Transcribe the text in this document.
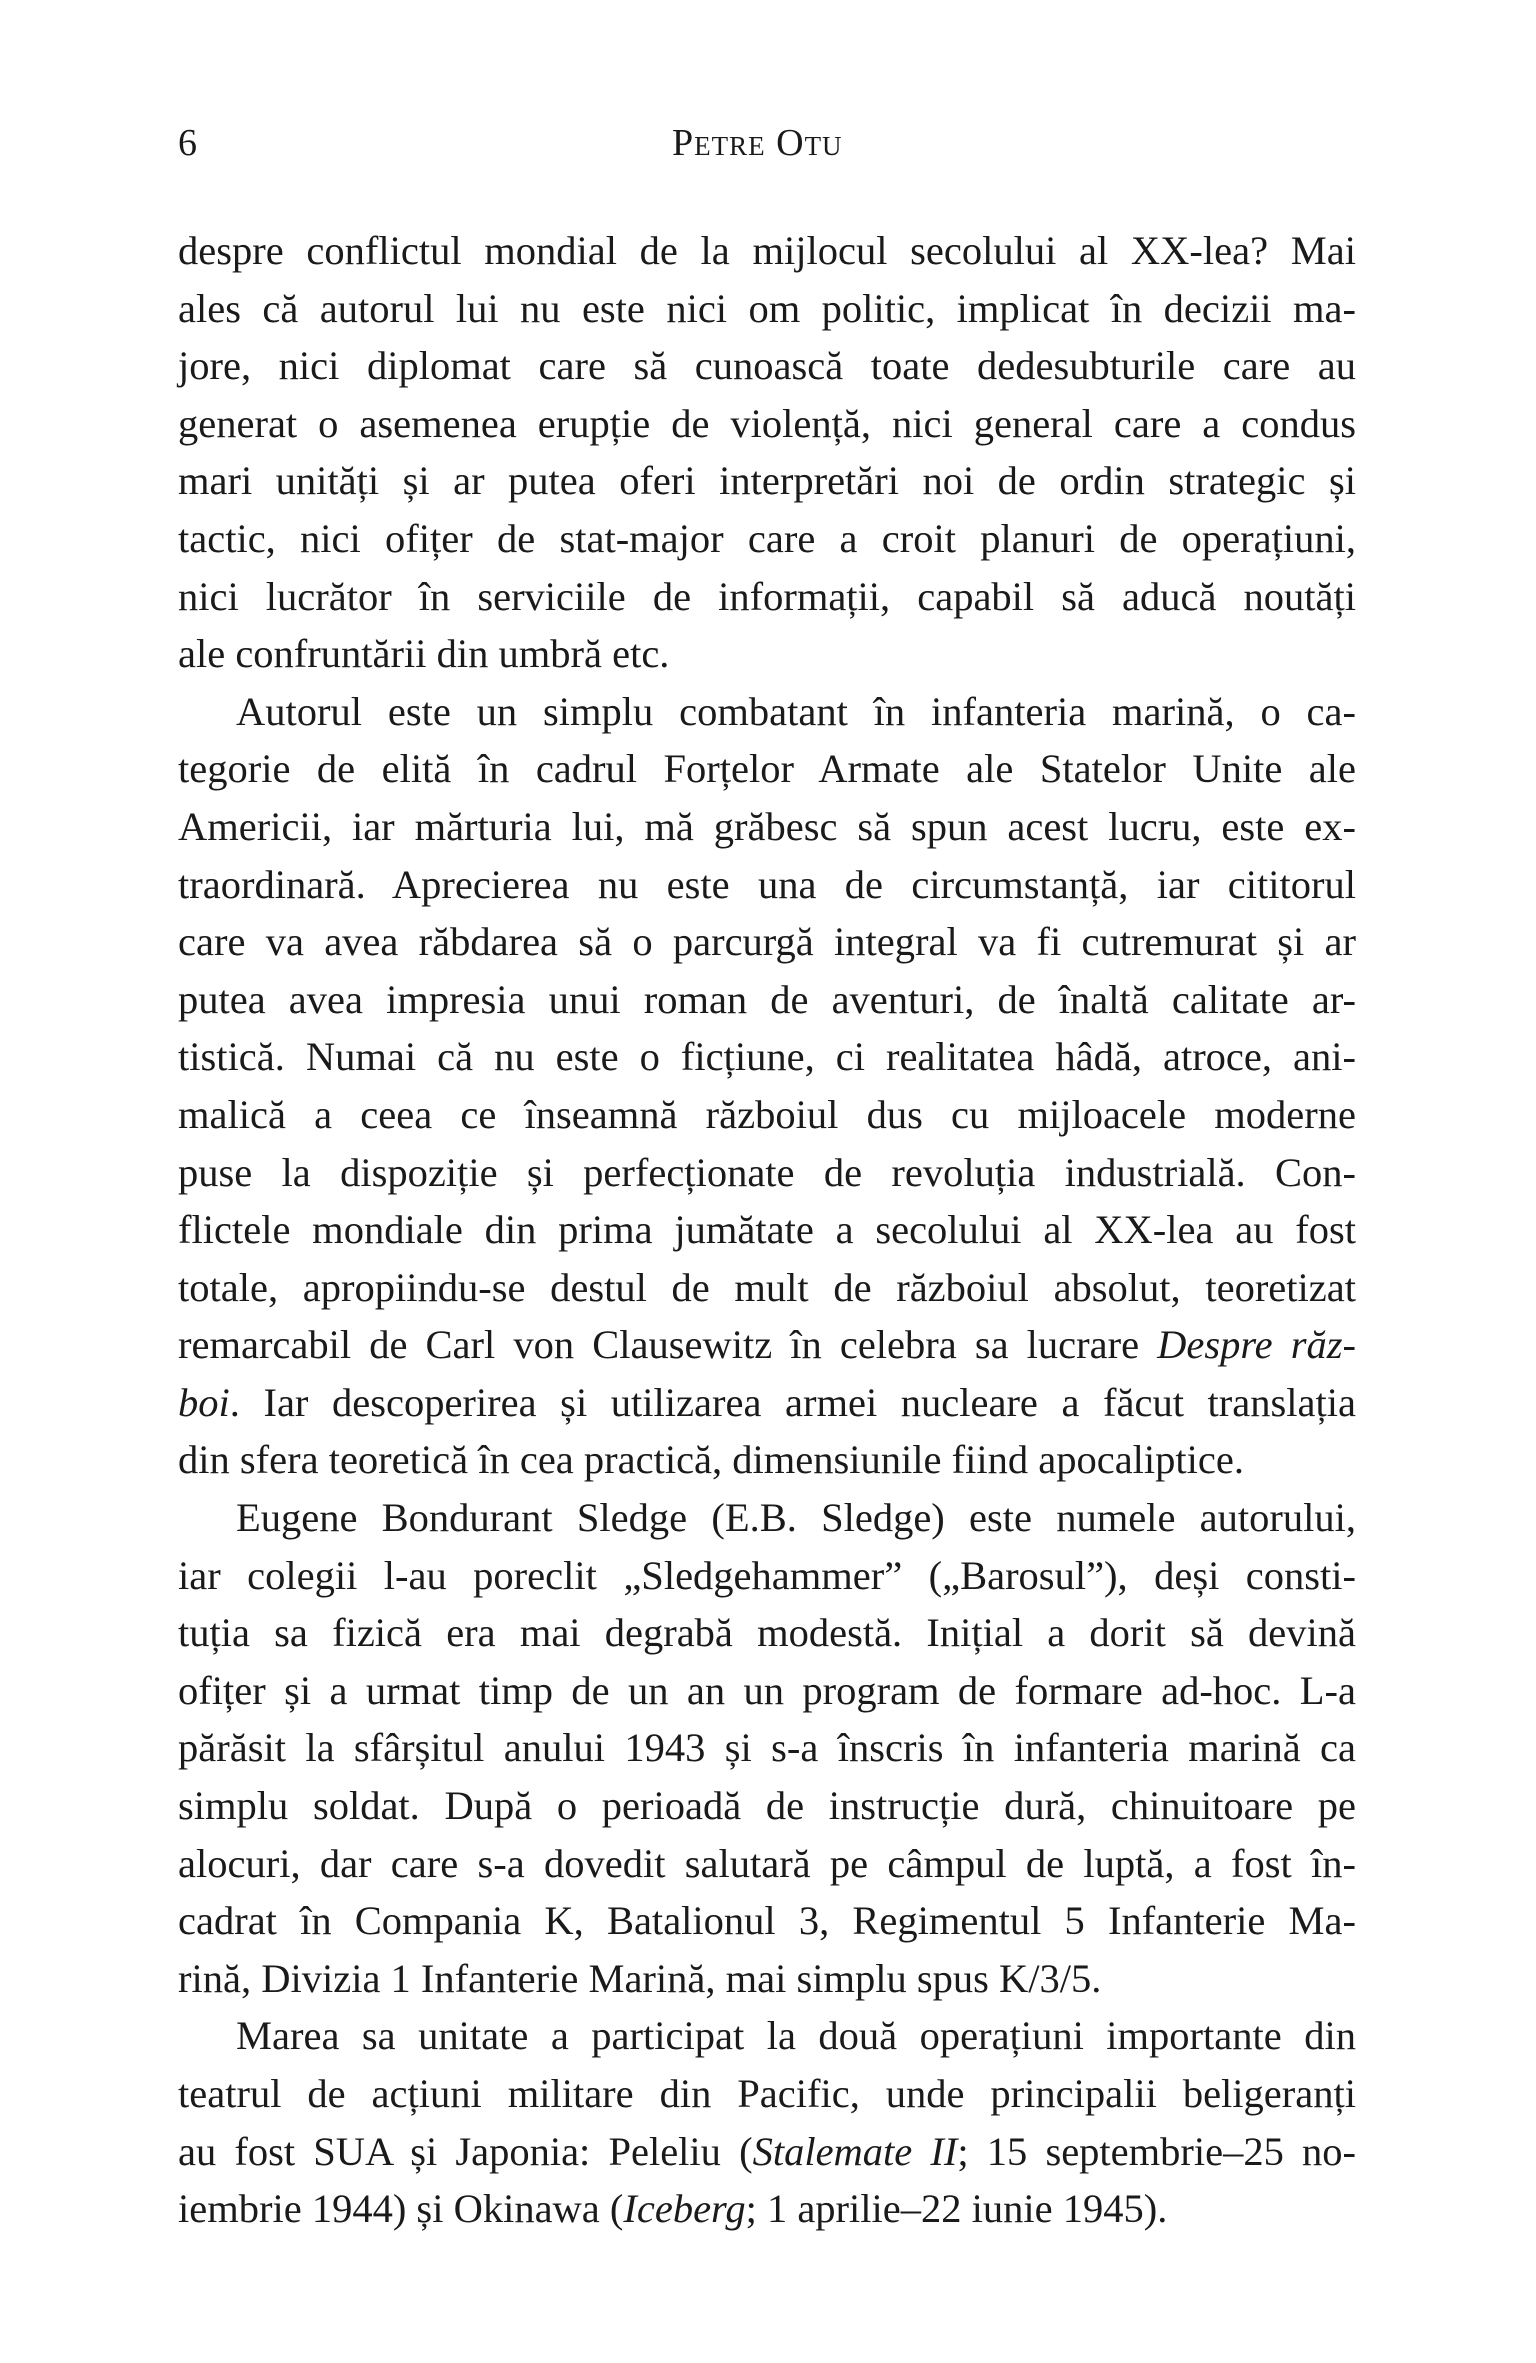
6	Petre Otu
despre conflictul mondial de la mijlocul secolului al XX-lea? Mai
ales că autorul lui nu este nici om politic, implicat în decizii ma-
jore, nici diplomat care să cunoască toate dedesubturile care au
generat o asemenea erupție de violență, nici general care a condus
mari unități și ar putea oferi interpretări noi de ordin strategic și
tactic, nici ofițer de stat-major care a croit planuri de operațiuni,
nici lucrător în serviciile de informații, capabil să aducă noutăți
ale confruntării din umbră etc.
Autorul este un simplu combatant în infanteria marină, o ca-
tegorie de elită în cadrul Forțelor Armate ale Statelor Unite ale
Americii, iar mărturia lui, mă grăbesc să spun acest lucru, este ex-
traordinară. Aprecierea nu este una de circumstanță, iar cititorul
care va avea răbdarea să o parcurgă integral va fi cutremurat și ar
putea avea impresia unui roman de aventuri, de înaltă calitate ar-
tistică. Numai că nu este o ficțiune, ci realitatea hâdă, atroce, ani-
malică a ceea ce înseamnă războiul dus cu mijloacele moderne
puse la dispoziție și perfecționate de revoluția industrială. Con-
flictele mondiale din prima jumătate a secolului al XX-lea au fost
totale, apropiindu-se destul de mult de războiul absolut, teoretizat
remarcabil de Carl von Clausewitz în celebra sa lucrare Despre răz-
boi. Iar descoperirea și utilizarea armei nucleare a făcut translația
din sfera teoretică în cea practică, dimensiunile fiind apocaliptice.
Eugene Bondurant Sledge (E.B. Sledge) este numele autorului,
iar colegii l-au poreclit „Sledgehammer” („Barosul”), deși consti-
tuția sa fizică era mai degrabă modestă. Inițial a dorit să devină
ofițer și a urmat timp de un an un program de formare ad-hoc. L-a
părăsit la sfârșitul anului 1943 și s-a înscris în infanteria marină ca
simplu soldat. După o perioadă de instrucție dură, chinuitoare pe
alocuri, dar care s-a dovedit salutară pe câmpul de luptă, a fost în-
cadrat în Compania K, Batalionul 3, Regimentul 5 Infanterie Ma-
rină, Divizia 1 Infanterie Marină, mai simplu spus K/3/5.
Marea sa unitate a participat la două operațiuni importante din
teatrul de acțiuni militare din Pacific, unde principalii beligeranți
au fost SUA și Japonia: Peleliu (Stalemate II; 15 septembrie–25 no-
iembrie 1944) și Okinawa (Iceberg; 1 aprilie–22 iunie 1945).
